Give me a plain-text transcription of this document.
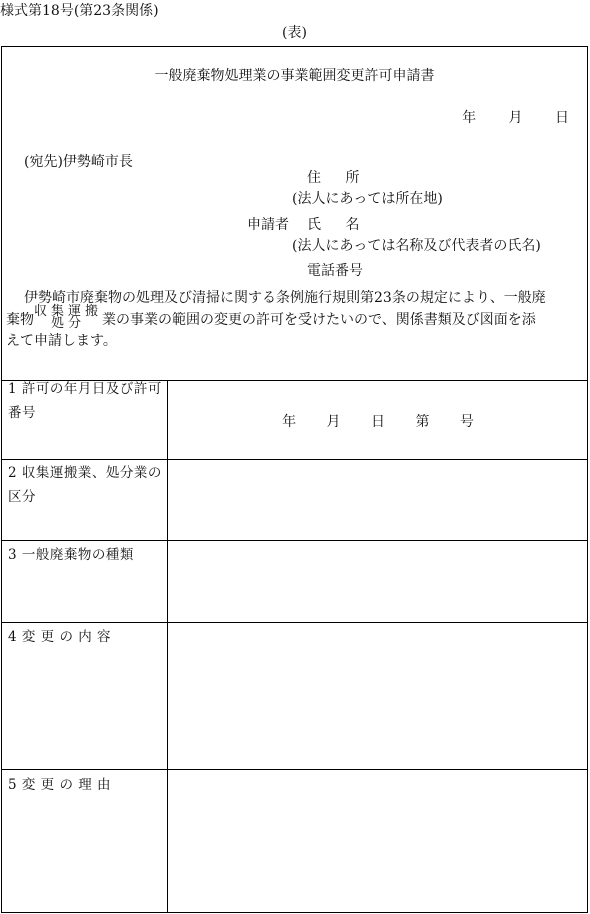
様式第18号(第23条関係)
(表)
一般廃棄物処理業の事業範囲変更許可申請書
年 月 日
(宛先)伊勢崎市長
住 所
(法人にあっては所在地)
申請者 氏 名
(法人にあっては名称及び代表者の氏名)
電話番号
伊勢崎市廃棄物の処理及び清掃に関する条例施行規則第23条の規定により、一般廃
棄物
収集運搬
処分	業の事業の範囲の変更の許可を受けたいので、関係書類及び図面を添
えて申請します。
1 許可の年月日及び許可番号
年 月 日 第 号
2 収集運搬業、処分業の区分
3 一般廃棄物の種類
4 変 更 の 内 容
5 変 更 の 理 由
